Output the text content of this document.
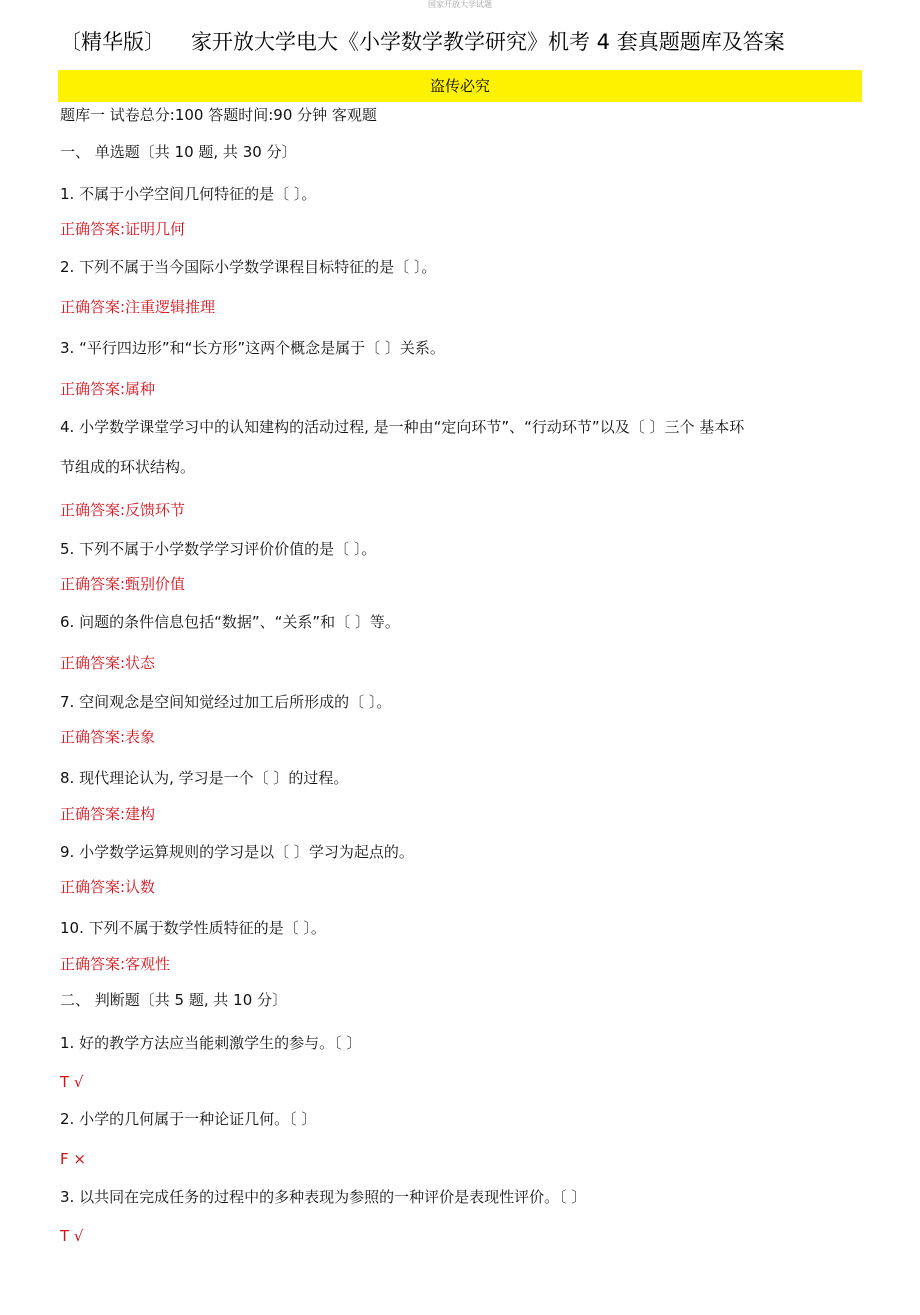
国家开放大学试题
〔精华版〕 家开放大学电大《小学数学教学研究》机考 4 套真题题库及答案
盗传必究
题库一 试卷总分:100 答题时间:90 分钟 客观题
一、 单选题〔共 10 题, 共 30 分〕
1. 不属于小学空间几何特征的是〔 〕。
正确答案:证明几何
2. 下列不属于当今国际小学数学课程目标特征的是〔 〕。
正确答案:注重逻辑推理
3. “平行四边形”和“长方形”这两个概念是属于〔 〕关系。
正确答案:属种
4. 小学数学课堂学习中的认知建构的活动过程, 是一种由“定向环节”、“行动环节”以及〔 〕三个 基本环
节组成的环状结构。
正确答案:反馈环节
5. 下列不属于小学数学学习评价价值的是〔 〕。
正确答案:甄别价值
6. 问题的条件信息包括“数据”、“关系”和〔 〕等。
正确答案:状态
7. 空间观念是空间知觉经过加工后所形成的〔 〕。
正确答案:表象
8. 现代理论认为, 学习是一个〔 〕的过程。
正确答案:建构
9. 小学数学运算规则的学习是以〔 〕学习为起点的。
正确答案:认数
10. 下列不属于数学性质特征的是〔 〕。
正确答案:客观性
二、 判断题〔共 5 题, 共 10 分〕
1. 好的教学方法应当能刺激学生的参与。〔 〕
T √
2. 小学的几何属于一种论证几何。〔 〕
F ×
3. 以共同在完成任务的过程中的多种表现为参照的一种评价是表现性评价。〔 〕
T √
